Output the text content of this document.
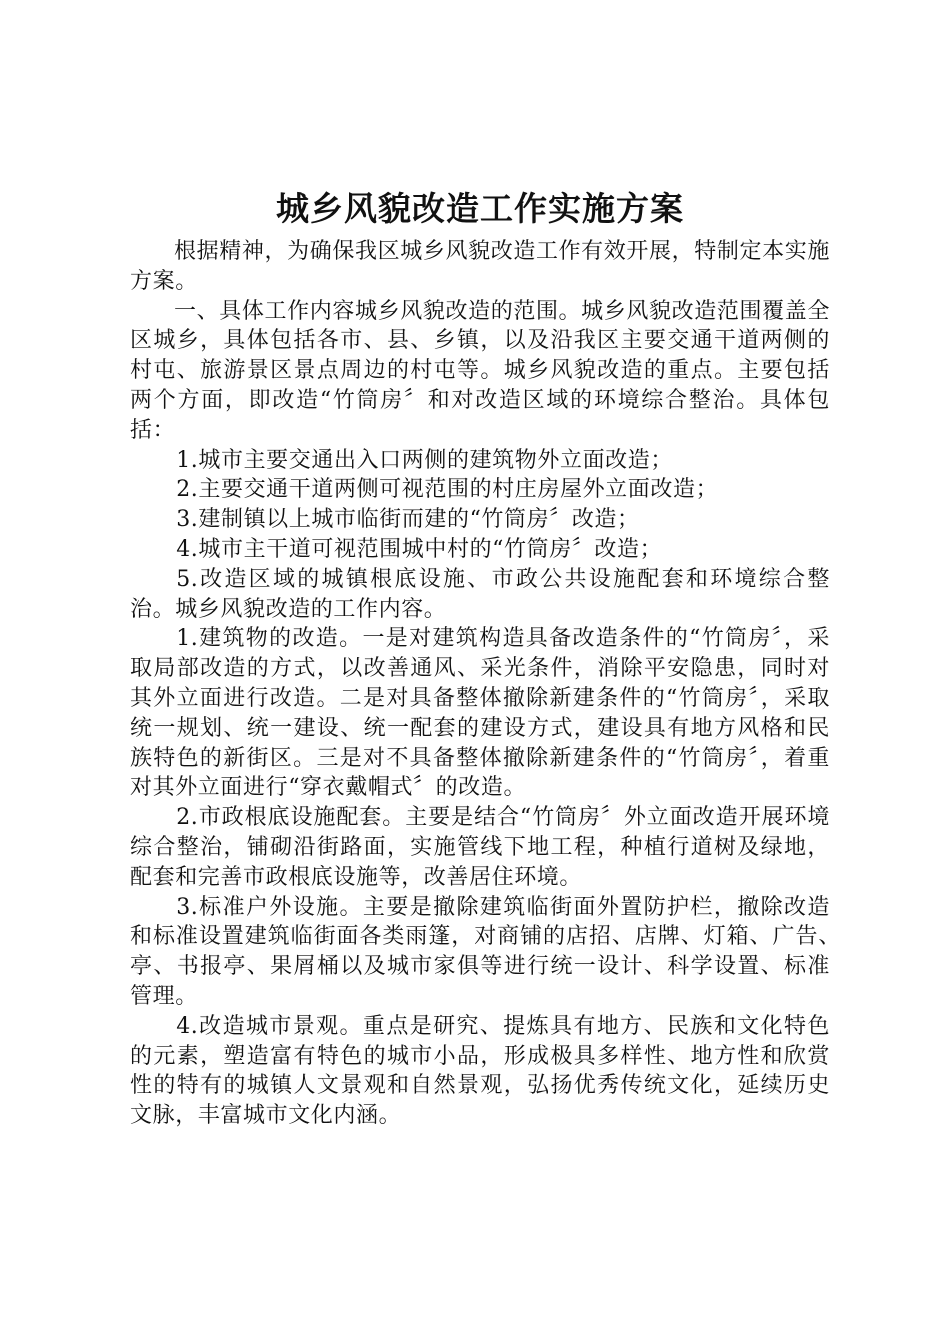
城乡风貌改造工作实施方案

根据精神，为确保我区城乡风貌改造工作有效开展，特制定本实施方案。

一、具体工作内容城乡风貌改造的范围。城乡风貌改造范围覆盖全区城乡，具体包括各市、县、乡镇，以及沿我区主要交通干道两侧的村屯、旅游景区景点周边的村屯等。城乡风貌改造的重点。主要包括两个方面，即改造“竹筒房〞和对改造区域的环境综合整治。具体包括：

1.城市主要交通出入口两侧的建筑物外立面改造；

2.主要交通干道两侧可视范围的村庄房屋外立面改造；

3.建制镇以上城市临街而建的“竹筒房〞改造；

4.城市主干道可视范围城中村的“竹筒房〞改造；

5.改造区域的城镇根底设施、市政公共设施配套和环境综合整治。城乡风貌改造的工作内容。

1.建筑物的改造。一是对建筑构造具备改造条件的“竹筒房〞，采取局部改造的方式，以改善通风、采光条件，消除平安隐患，同时对其外立面进行改造。二是对具备整体撤除新建条件的“竹筒房〞，采取统一规划、统一建设、统一配套的建设方式，建设具有地方风格和民族特色的新街区。三是对不具备整体撤除新建条件的“竹筒房〞，着重对其外立面进行“穿衣戴帽式〞的改造。

2.市政根底设施配套。主要是结合“竹筒房〞外立面改造开展环境综合整治，铺砌沿街路面，实施管线下地工程，种植行道树及绿地，配套和完善市政根底设施等，改善居住环境。

3.标准户外设施。主要是撤除建筑临街面外置防护栏，撤除改造和标准设置建筑临街面各类雨篷，对商铺的店招、店牌、灯箱、广告、　　亭、书报亭、果屑桶以及城市家俱等进行统一设计、科学设置、标准管理。

4.改造城市景观。重点是研究、提炼具有地方、民族和文化特色的元素，塑造富有特色的城市小品，形成极具多样性、地方性和欣赏性的特有的城镇人文景观和自然景观，弘扬优秀传统文化，延续历史文脉，丰富城市文化内涵。
